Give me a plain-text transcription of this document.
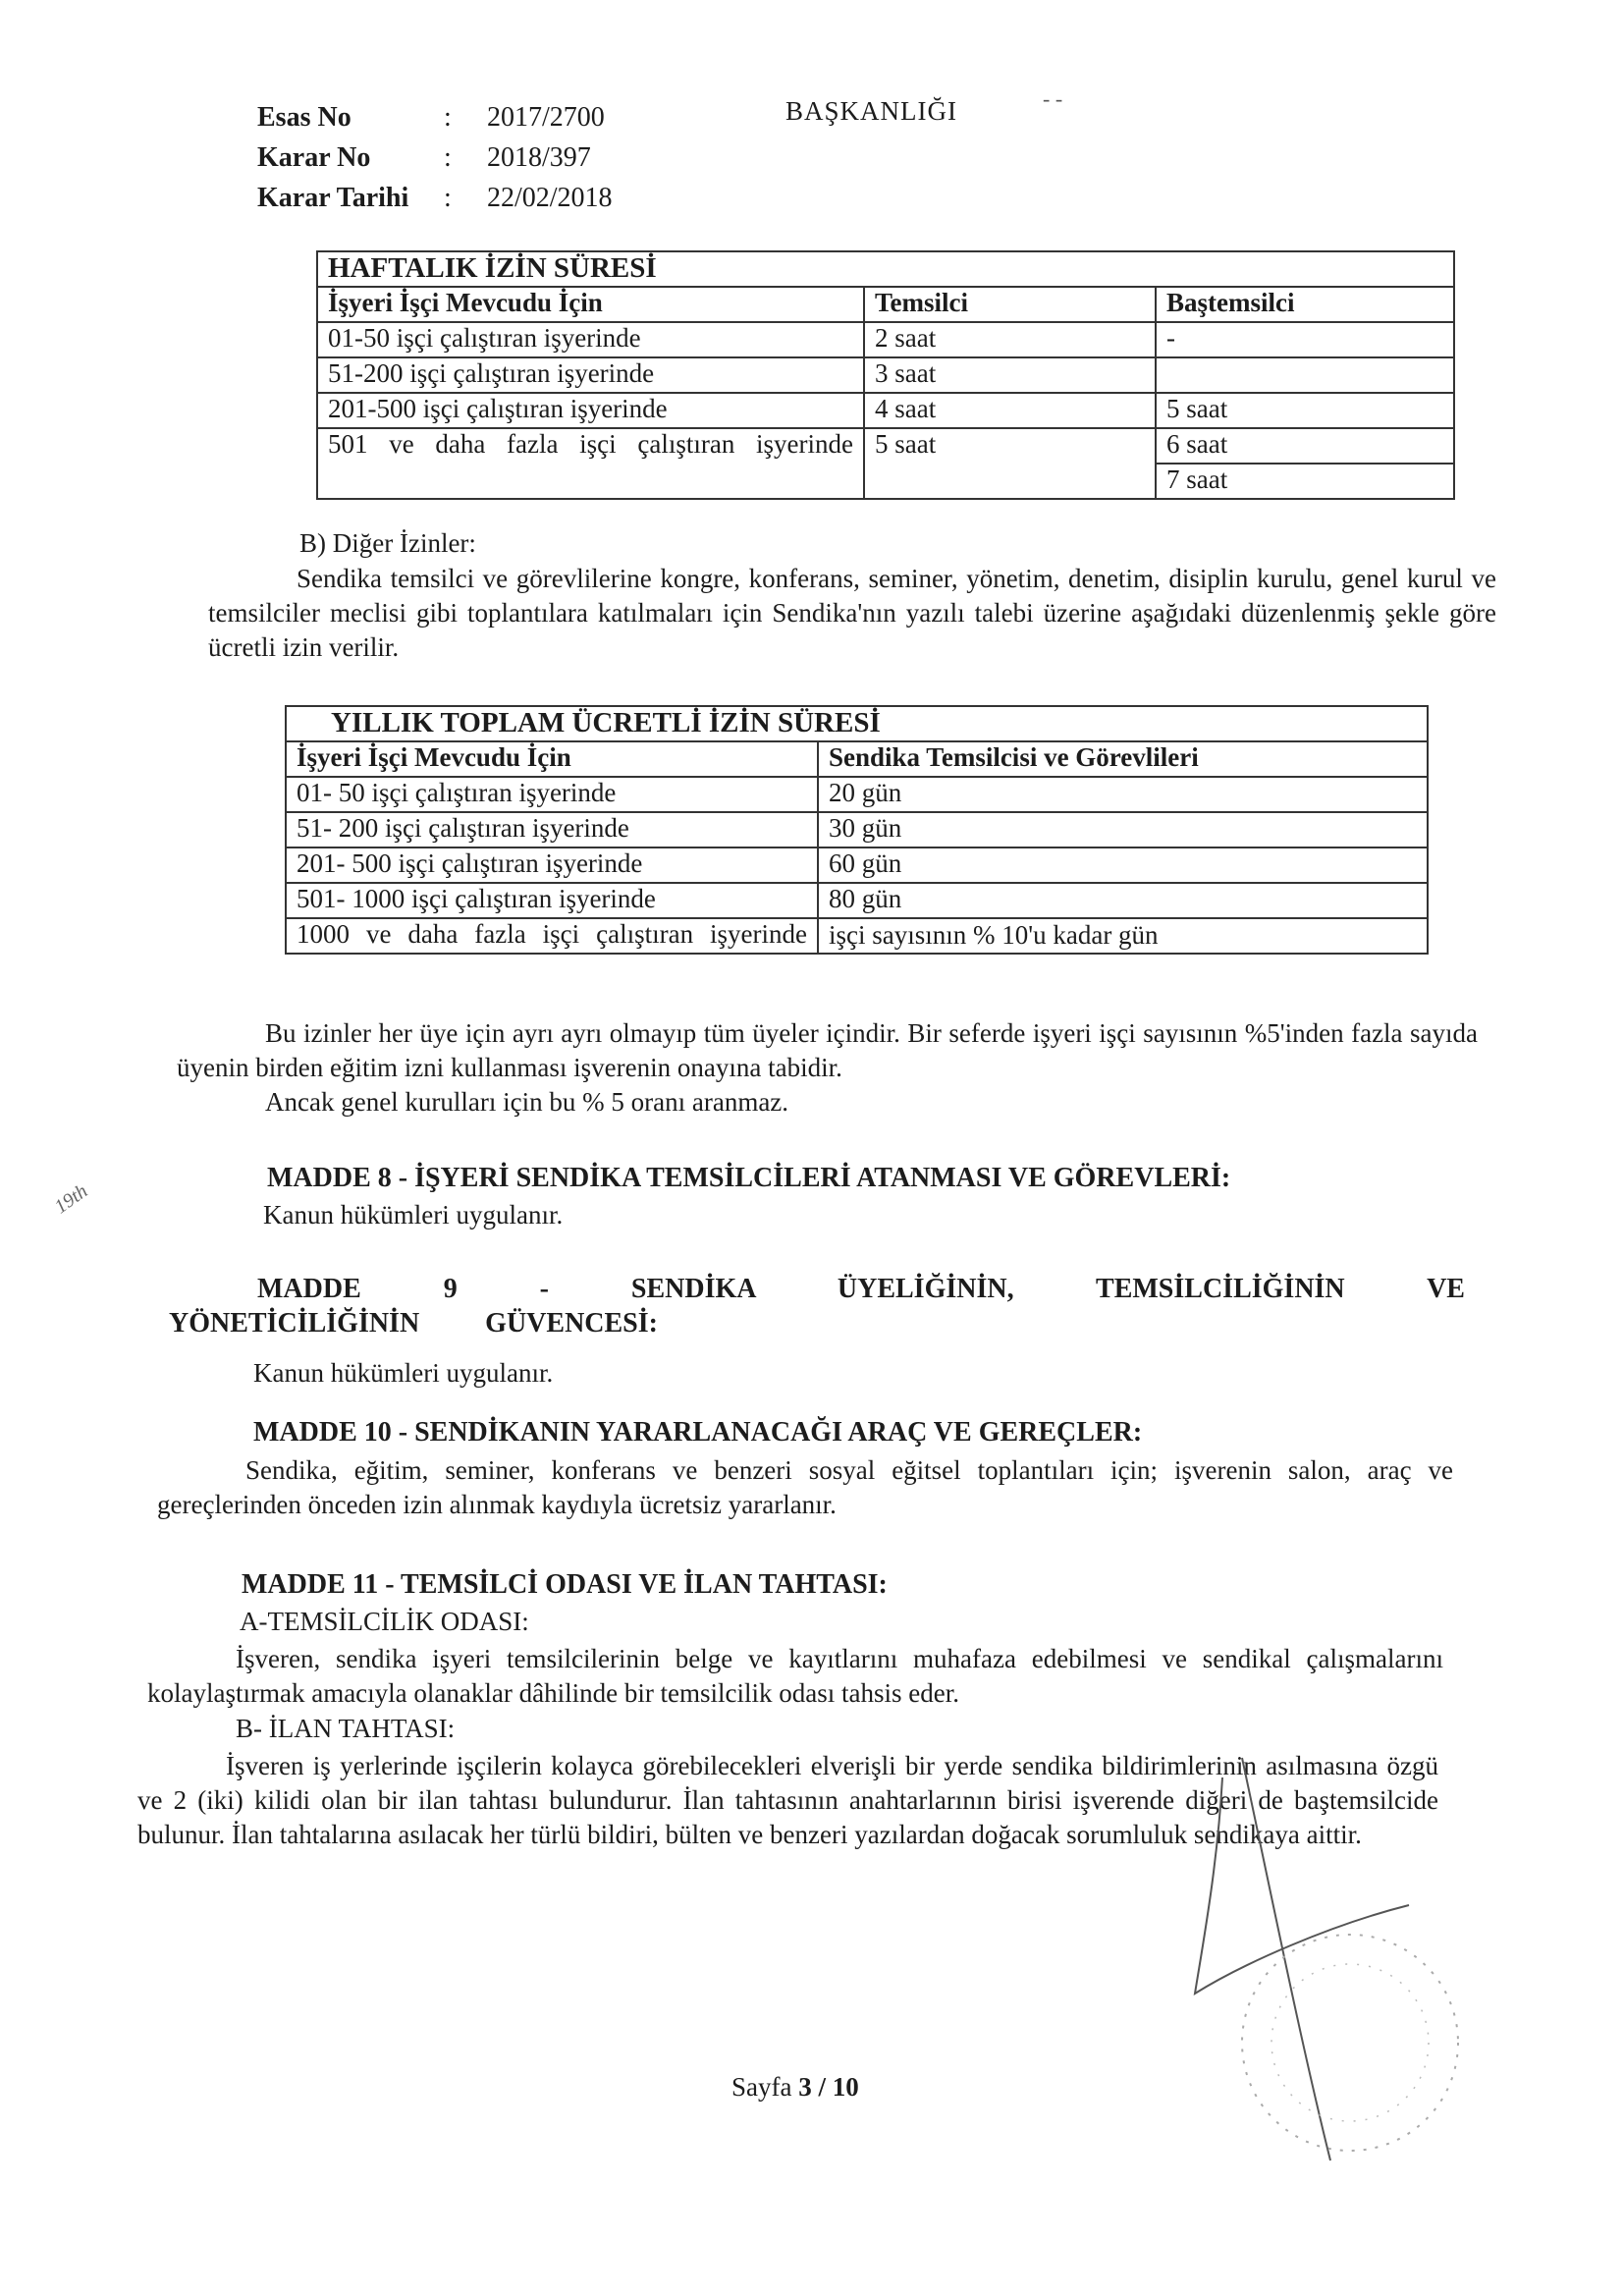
Esas No	: 2017/2700
Karar No	: 2018/397
Karar Tarihi : 22/02/2018
BAŞKANLIĞI	- -
HAFTALIK İZİN SÜRESİ		
İşyeri İşçi Mevcudu İçin	Temsilci	Baştemsilci
01-50 işçi çalıştıran işyerinde	2 saat	-
51-200 işçi çalıştıran işyerinde	3 saat	
201-500 işçi çalıştıran işyerinde	4 saat	5 saat
501 ve daha fazla işçi çalıştıran işyerinde	5 saat	6 saat
		7 saat
B) Diğer İzinler:

Sendika temsilci ve görevlilerine kongre, konferans, seminer, yönetim, denetim, disiplin kurulu, genel kurul ve temsilciler meclisi gibi toplantılara katılmaları için Sendika'nın yazılı talebi üzerine aşağıdaki düzenlenmiş şekle göre ücretli izin verilir.

YILLIK TOPLAM ÜCRETLİ İZİN SÜRESİ	
İşyeri İşçi Mevcudu İçin	Sendika Temsilcisi ve Görevlileri
01- 50 işçi çalıştıran işyerinde	20 gün
51- 200 işçi çalıştıran işyerinde	30 gün
201- 500 işçi çalıştıran işyerinde	60 gün
501- 1000 işçi çalıştıran işyerinde	80 gün
1000 ve daha fazla işçi çalıştıran işyerinde	işçi sayısının % 10'u kadar gün

Bu izinler her üye için ayrı ayrı olmayıp tüm üyeler içindir. Bir seferde işyeri işçi sayısının %5'inden fazla sayıda üyenin birden eğitim izni kullanması işverenin onayına tabidir.

Ancak genel kurulları için bu % 5 oranı aranmaz.

MADDE 8 - İŞYERİ SENDİKA TEMSİLCİLERİ ATANMASI VE GÖREVLERİ:
Kanun hükümleri uygulanır.
19th

MADDE 9 - SENDİKA ÜYELİĞİNİN, TEMSİLCİLİĞİNİN VE YÖNETİCİLİĞİNİN GÜVENCESİ:

Kanun hükümleri uygulanır.
MADDE 10 - SENDİKANIN YARARLANACAĞI ARAÇ VE GEREÇLER:

Sendika, eğitim, seminer, konferans ve benzeri sosyal eğitsel toplantıları için; işverenin salon, araç ve gereçlerinden önceden izin alınmak kaydıyla ücretsiz yararlanır.

MADDE 11 - TEMSİLCİ ODASI VE İLAN TAHTASI:
A-TEMSİLCİLİK ODASI:

İşveren, sendika işyeri temsilcilerinin belge ve kayıtlarını muhafaza edebilmesi ve sendikal çalışmalarını kolaylaştırmak amacıyla olanaklar dâhilinde bir temsilcilik odası tahsis eder.

B- İLAN TAHTASI:

İşveren iş yerlerinde işçilerin kolayca görebilecekleri elverişli bir yerde sendika bildirimlerinin asılmasına özgü ve 2 (iki) kilidi olan bir ilan tahtası bulundurur. İlan tahtasının anahtarlarının birisi işverende diğeri de baştemsilcide bulunur. İlan tahtalarına asılacak her türlü bildiri, bülten ve benzeri yazılardan doğacak sorumluluk sendikaya aittir.

Sayfa 3 / 10
